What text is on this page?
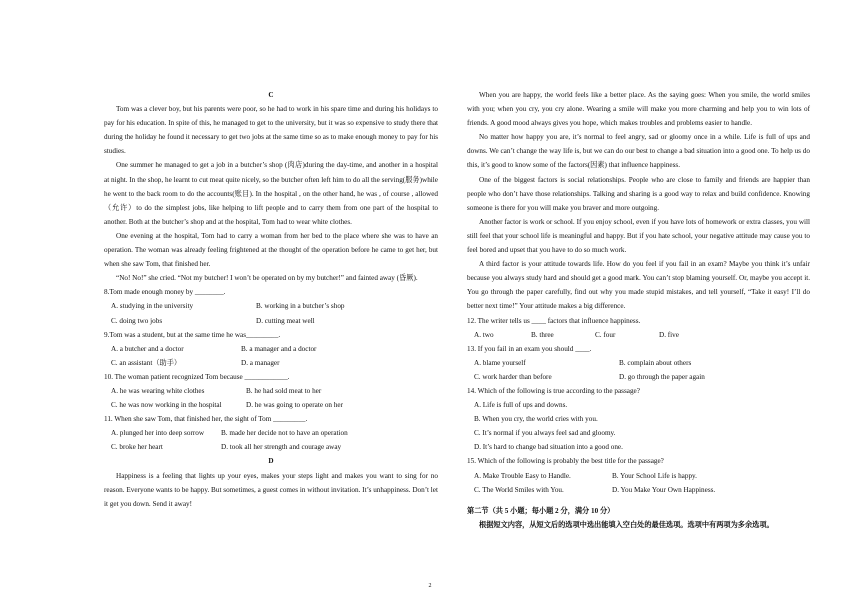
C
Tom was a clever boy, but his parents were poor, so he had to work in his spare time and during his holidays to pay for his education. In spite of this, he managed to get to the university, but it was so expensive to study there that during the holiday he found it necessary to get two jobs at the same time so as to make enough money to pay for his studies.
One summer he managed to get a job in a butcher’s shop (肉店)during the day-time, and another in a hospital at night. In the shop, he learnt to cut meat quite nicely, so the butcher often left him to do all the serving(服务)while he went to the back room to do the accounts(账目). In the hospital , on the other hand, he was , of course , allowed （允许）to do the simplest jobs, like helping to lift people and to carry them from one part of the hospital to another. Both at the butcher’s shop and at the hospital, Tom had to wear white clothes.
One evening at the hospital, Tom had to carry a woman from her bed to the place where she was to have an operation. The woman was already feeling frightened at the thought of the operation before he came to get her, but when she saw Tom, that finished her.
“No! No!” she cried. “Not my butcher! I won’t be operated on by my butcher!” and fainted away (昏厥).
8.Tom made enough money by ________.
A. studying in the university	B. working in a butcher’s shop
C. doing two jobs	D. cutting meat well
9.Tom was a student, but at the same time he was_________.
A. a butcher and a doctor	B. a manager and a doctor
C. an assistant（助手）	D. a manager
10. The woman patient recognized Tom because ____________.
A. he was wearing white clothes	B. he had sold meat to her
C. he was now working in the hospital	D. he was going to operate on her
11. When she saw Tom, that finished her, the sight of Tom _________.
A. plunged her into deep sorrow	B. made her decide not to have an operation
C. broke her heart	D. took all her strength and courage away
D
Happiness is a feeling that lights up your eyes, makes your steps light and makes you want to sing for no reason. Everyone wants to be happy. But sometimes, a guest comes in without invitation. It’s unhappiness. Don’t let it get you down. Send it away!
When you are happy, the world feels like a better place. As the saying goes: When you smile, the world smiles with you; when you cry, you cry alone. Wearing a smile will make you more charming and help you to win lots of friends. A good mood always gives you hope, which makes troubles and problems easier to handle.
No matter how happy you are, it’s normal to feel angry, sad or gloomy once in a while. Life is full of ups and downs. We can’t change the way life is, but we can do our best to change a bad situation into a good one. To help us do this, it’s good to know some of the factors(因素) that influence happiness.
One of the biggest factors is social relationships. People who are close to family and friends are happier than people who don’t have those relationships. Talking and sharing is a good way to relax and build confidence. Knowing someone is there for you will make you braver and more outgoing.
Another factor is work or school. If you enjoy school, even if you have lots of homework or extra classes, you will still feel that your school life is meaningful and happy. But if you hate school, your negative attitude may cause you to feel bored and upset that you have to do so much work.
A third factor is your attitude towards life. How do you feel if you fail in an exam? Maybe you think it’s unfair because you always study hard and should get a good mark. You can’t stop blaming yourself. Or, maybe you accept it. You go through the paper carefully, find out why you made stupid mistakes, and tell yourself, “Take it easy! I’ll do better next time!” Your attitude makes a big difference.
12. The writer tells us ____ factors that influence happiness.
A. two	B. three	C. four	D. five
13. If you fail in an exam you should ____.
A. blame yourself	B. complain about others
C. work harder than before	D. go through the paper again
14. Which of the following is true according to the passage?
A. Life is full of ups and downs.
B. When you cry, the world cries with you.
C. It’s normal if you always feel sad and gloomy.
D. It’s hard to change bad situation into a good one.
15. Which of the following is probably the best title for the passage?
A. Make Trouble Easy to Handle.	B. Your School Life is happy.
C. The World Smiles with You.	D. You Make Your Own Happiness.
第二节（共 5 小题；每小题 2 分，满分 10 分）
根据短文内容，从短文后的选项中选出能填入空白处的最佳选项。选项中有两项为多余选项。
2
